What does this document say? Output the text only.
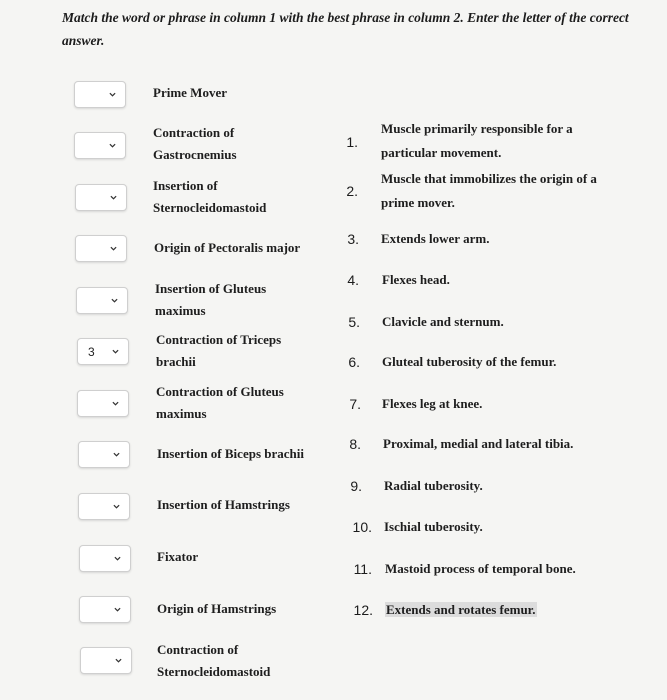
Match the word or phrase in column 1 with the best phrase in column 2. Enter the letter of the correct answer.
3
Prime Mover
Contraction of Gastrocnemius
Insertion of Sternocleidomastoid
Origin of Pectoralis major
Insertion of Gluteus maximus
Contraction of Triceps brachii
Contraction of Gluteus maximus
Insertion of Biceps brachii
Insertion of Hamstrings
Fixator
Origin of Hamstrings
Contraction of Sternocleidomastoid
1.
2.
3.
4.
5.
6.
7.
8.
9.
10.
11.
12.
Muscle primarily responsible for a particular movement.
Muscle that immobilizes the origin of a prime mover.
Extends lower arm.
Flexes head.
Clavicle and sternum.
Gluteal tuberosity of the femur.
Flexes leg at knee.
Proximal, medial and lateral tibia.
Radial tuberosity.
Ischial tuberosity.
Mastoid process of temporal bone.
Extends and rotates femur.
